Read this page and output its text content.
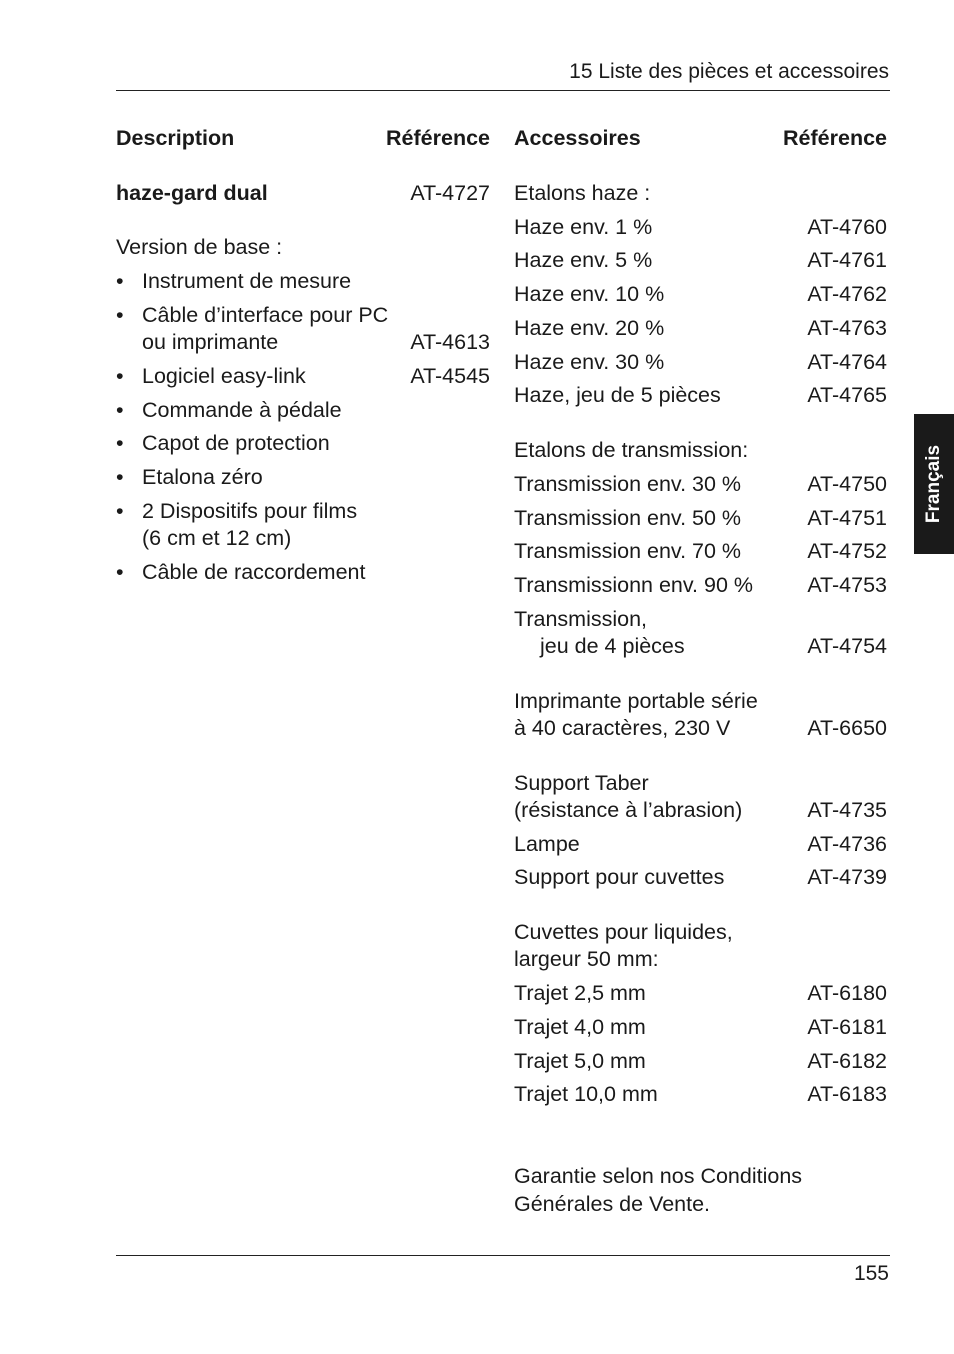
15 Liste des pièces et accessoires
Description	Référence
haze-gard dual	AT-4727
Version de base :
• Instrument de mesure
• Câble d’interface pour PC
ou imprimante	AT-4613
• Logiciel easy-link	AT-4545
• Commande à pédale
• Capot de protection
• Etalona zéro
• 2 Dispositifs pour films
(6 cm et 12 cm)
• Câble de raccordement
Accessoires	Référence
Etalons haze :
Haze env. 1 %	AT-4760
Haze env. 5 %	AT-4761
Haze env. 10 %	AT-4762
Haze env. 20 %	AT-4763
Haze env. 30 %	AT-4764
Haze, jeu de 5 pièces	AT-4765
Etalons de transmission:
Transmission env. 30 %	AT-4750
Transmission env. 50 %	AT-4751
Transmission env. 70 %	AT-4752
Transmissionn env. 90 %	AT-4753
Transmission,
jeu de 4 pièces	AT-4754
Imprimante portable série
à 40 caractères, 230 V	AT-6650
Support Taber
(résistance à l’abrasion)	AT-4735
Lampe	AT-4736
Support pour cuvettes	AT-4739
Cuvettes pour liquides,
largeur 50 mm:
Trajet 2,5 mm	AT-6180
Trajet 4,0 mm	AT-6181
Trajet 5,0 mm	AT-6182
Trajet 10,0 mm	AT-6183
Garantie selon nos Conditions
Générales de Vente.
Français
155
